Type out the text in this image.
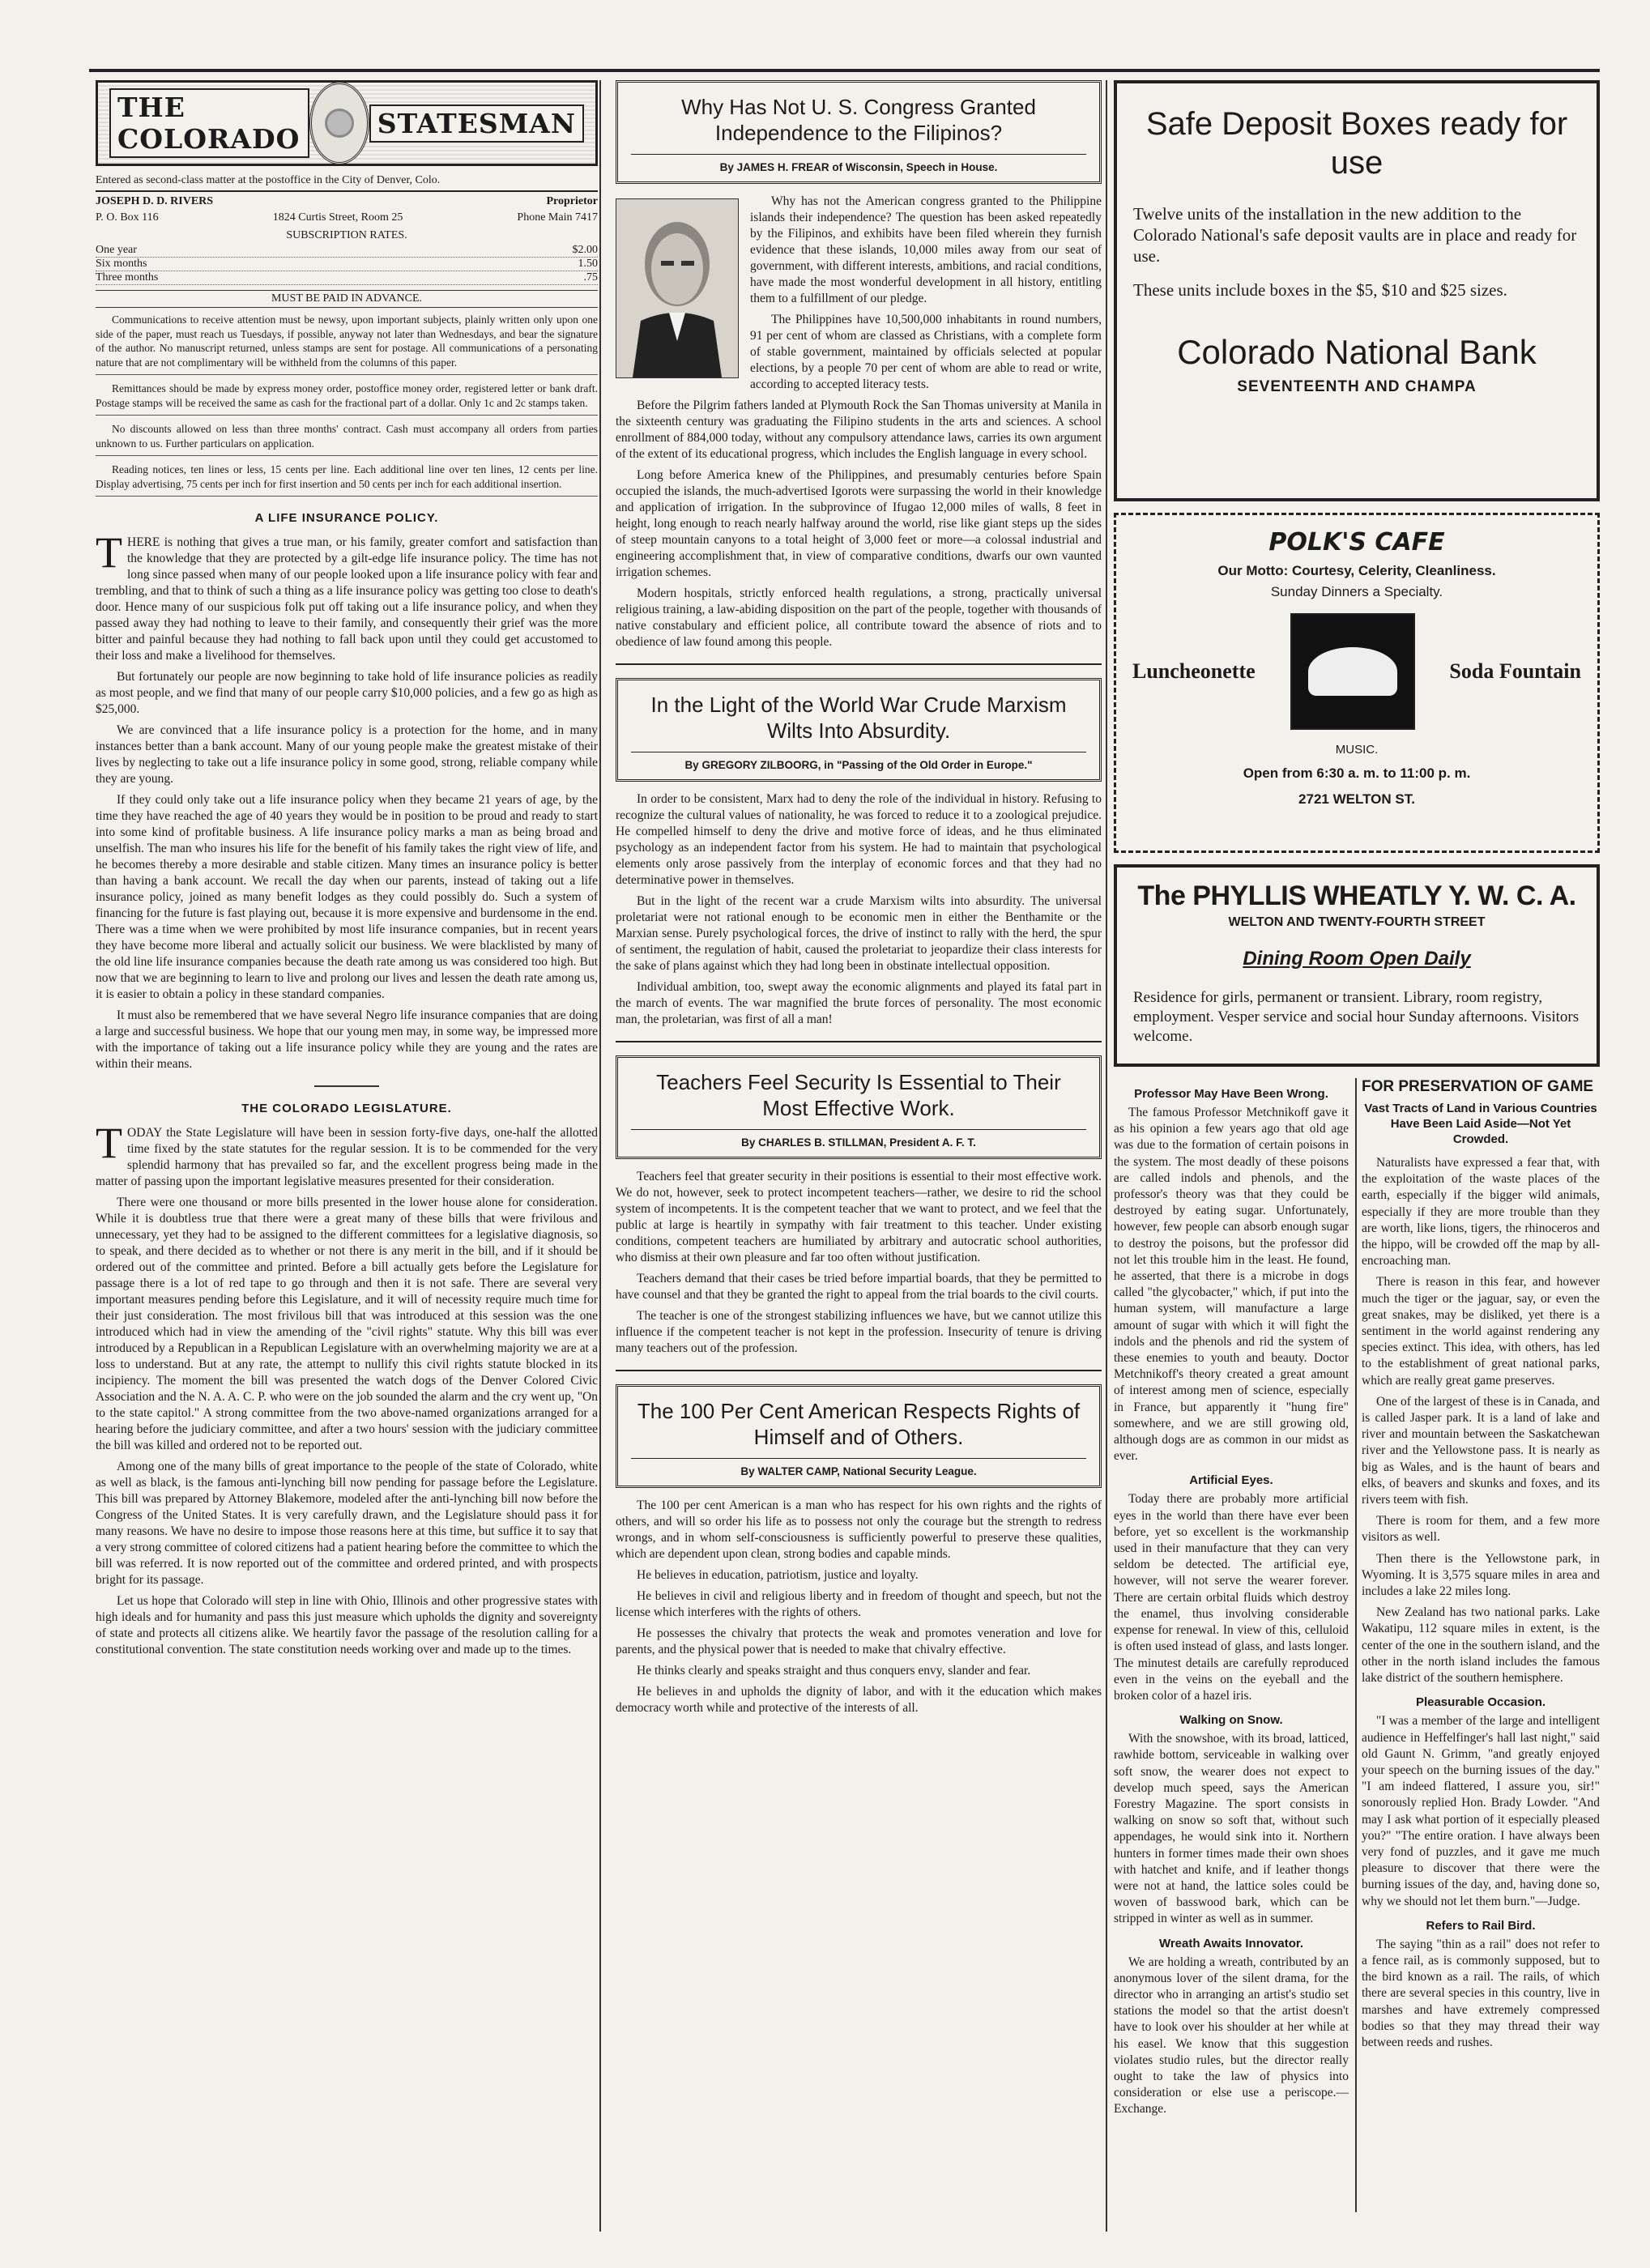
THE COLORADO	STATESMAN
Entered as second-class matter at the postoffice in the City of Denver, Colo.
JOSEPH D. D. RIVERS	Proprietor
P. O. Box 116	1824 Curtis Street, Room 25	Phone Main 7417
SUBSCRIPTION RATES.
One year	$2.00
Six months	1.50
Three months	.75
MUST BE PAID IN ADVANCE.

Communications to receive attention must be newsy, upon important subjects, plainly written only upon one side of the paper, must reach us Tuesdays, if possible, anyway not later than Wednesdays, and bear the signature of the author. No manuscript returned, unless stamps are sent for postage. All communications of a personating nature that are not complimentary will be withheld from the columns of this paper.

Remittances should be made by express money order, postoffice money order, registered letter or bank draft. Postage stamps will be received the same as cash for the fractional part of a dollar. Only 1c and 2c stamps taken.

No discounts allowed on less than three months' contract. Cash must accompany all orders from parties unknown to us. Further particulars on application.

Reading notices, ten lines or less, 15 cents per line. Each additional line over ten lines, 12 cents per line. Display advertising, 75 cents per inch for first insertion and 50 cents per inch for each additional insertion.

A LIFE INSURANCE POLICY.

THERE is nothing that gives a true man, or his family, greater comfort and satisfaction than the knowledge that they are protected by a gilt-edge life insurance policy. The time has not long since passed when many of our people looked upon a life insurance policy with fear and trembling, and that to think of such a thing as a life insurance policy was getting too close to death's door. Hence many of our suspicious folk put off taking out a life insurance policy, and when they passed away they had nothing to leave to their family, and consequently their grief was the more bitter and painful because they had nothing to fall back upon until they could get accustomed to their loss and make a livelihood for themselves.

But fortunately our people are now beginning to take hold of life insurance policies as readily as most people, and we find that many of our people carry $10,000 policies, and a few go as high as $25,000.

We are convinced that a life insurance policy is a protection for the home, and in many instances better than a bank account. Many of our young people make the greatest mistake of their lives by neglecting to take out a life insurance policy in some good, strong, reliable company while they are young.

If they could only take out a life insurance policy when they became 21 years of age, by the time they have reached the age of 40 years they would be in position to be proud and ready to start into some kind of profitable business. A life insurance policy marks a man as being broad and unselfish. The man who insures his life for the benefit of his family takes the right view of life, and he becomes thereby a more desirable and stable citizen. Many times an insurance policy is better than having a bank account. We recall the day when our parents, instead of taking out a life insurance policy, joined as many benefit lodges as they could possibly do. Such a system of financing for the future is fast playing out, because it is more expensive and burdensome in the end. There was a time when we were prohibited by most life insurance companies, but in recent years they have become more liberal and actually solicit our business. We were blacklisted by many of the old line life insurance companies because the death rate among us was considered too high. But now that we are beginning to learn to live and prolong our lives and lessen the death rate among us, it is easier to obtain a policy in these standard companies.

It must also be remembered that we have several Negro life insurance companies that are doing a large and successful business. We hope that our young men may, in some way, be impressed more with the importance of taking out a life insurance policy while they are young and the rates are within their means.

THE COLORADO LEGISLATURE.

TODAY the State Legislature will have been in session forty-five days, one-half the allotted time fixed by the state statutes for the regular session. It is to be commended for the very splendid harmony that has prevailed so far, and the excellent progress being made in the matter of passing upon the important legislative measures presented for their consideration.

There were one thousand or more bills presented in the lower house alone for consideration. While it is doubtless true that there were a great many of these bills that were frivilous and unnecessary, yet they had to be assigned to the different committees for a legislative diagnosis, so to speak, and there decided as to whether or not there is any merit in the bill, and if it should be ordered out of the committee and printed. Before a bill actually gets before the Legislature for passage there is a lot of red tape to go through and then it is not safe. There are several very important measures pending before this Legislature, and it will of necessity require much time for their just consideration. The most frivilous bill that was introduced at this session was the one introduced which had in view the amending of the "civil rights" statute. Why this bill was ever introduced by a Republican in a Republican Legislature with an overwhelming majority we are at a loss to understand. But at any rate, the attempt to nullify this civil rights statute blocked in its incipiency. The moment the bill was presented the watch dogs of the Denver Colored Civic Association and the N. A. A. C. P. who were on the job sounded the alarm and the cry went up, "On to the state capitol." A strong committee from the two above-named organizations arranged for a hearing before the judiciary committee, and after a two hours' session with the judiciary committee the bill was killed and ordered not to be reported out.

Among one of the many bills of great importance to the people of the state of Colorado, white as well as black, is the famous anti-lynching bill now pending for passage before the Legislature. This bill was prepared by Attorney Blakemore, modeled after the anti-lynching bill now before the Congress of the United States. It is very carefully drawn, and the Legislature should pass it for many reasons. We have no desire to impose those reasons here at this time, but suffice it to say that a very strong committee of colored citizens had a patient hearing before the committee to which the bill was referred. It is now reported out of the committee and ordered printed, and with prospects bright for its passage.

Let us hope that Colorado will step in line with Ohio, Illinois and other progressive states with high ideals and for humanity and pass this just measure which upholds the dignity and sovereignty of state and protects all citizens alike. We heartily favor the passage of the resolution calling for a constitutional convention. The state constitution needs working over and made up to the times.

Why Has Not U. S. Congress Granted Independence to the Filipinos?
By JAMES H. FREAR of Wisconsin, Speech in House.

Why has not the American congress granted to the Philippine islands their independence? The question has been asked repeatedly by the Filipinos, and exhibits have been filed wherein they furnish evidence that these islands, 10,000 miles away from our seat of government, with different interests, ambitions, and racial conditions, have made the most wonderful development in all history, entitling them to a fulfillment of our pledge.

The Philippines have 10,500,000 inhabitants in round numbers, 91 per cent of whom are classed as Christians, with a complete form of stable government, maintained by officials selected at popular elections, by a people 70 per cent of whom are able to read or write, according to accepted literacy tests.

Before the Pilgrim fathers landed at Plymouth Rock the San Thomas university at Manila in the sixteenth century was graduating the Filipino students in the arts and sciences. A school enrollment of 884,000 today, without any compulsory attendance laws, carries its own argument of the extent of its educational progress, which includes the English language in every school.

Long before America knew of the Philippines, and presumably centuries before Spain occupied the islands, the much-advertised Igorots were surpassing the world in their knowledge and application of irrigation. In the subprovince of Ifugao 12,000 miles of walls, 8 feet in height, long enough to reach nearly halfway around the world, rise like giant steps up the sides of steep mountain canyons to a total height of 3,000 feet or more—a colossal industrial and engineering accomplishment that, in view of comparative conditions, dwarfs our own vaunted irrigation schemes.

Modern hospitals, strictly enforced health regulations, a strong, practically universal religious training, a law-abiding disposition on the part of the people, together with thousands of native constabulary and efficient police, all contribute toward the absence of riots and to obedience of law found among this people.

In the Light of the World War Crude Marxism Wilts Into Absurdity.
By GREGORY ZILBOORG, in "Passing of the Old Order in Europe."

In order to be consistent, Marx had to deny the role of the individual in history. Refusing to recognize the cultural values of nationality, he was forced to reduce it to a zoological prejudice. He compelled himself to deny the drive and motive force of ideas, and he thus eliminated psychology as an independent factor from his system. He had to maintain that psychological elements only arose passively from the interplay of economic forces and that they had no determinative power in themselves.

But in the light of the recent war a crude Marxism wilts into absurdity. The universal proletariat were not rational enough to be economic men in either the Benthamite or the Marxian sense. Purely psychological forces, the drive of instinct to rally with the herd, the spur of sentiment, the regulation of habit, caused the proletariat to jeopardize their class interests for the sake of plans against which they had long been in obstinate intellectual opposition.

Individual ambition, too, swept away the economic alignments and played its fatal part in the march of events. The war magnified the brute forces of personality. The most economic man, the proletarian, was first of all a man!

Teachers Feel Security Is Essential to Their Most Effective Work.
By CHARLES B. STILLMAN, President A. F. T.

Teachers feel that greater security in their positions is essential to their most effective work. We do not, however, seek to protect incompetent teachers—rather, we desire to rid the school system of incompetents. It is the competent teacher that we want to protect, and we feel that the public at large is heartily in sympathy with fair treatment to this teacher. Under existing conditions, competent teachers are humiliated by arbitrary and autocratic school authorities, who dismiss at their own pleasure and far too often without justification.

Teachers demand that their cases be tried before impartial boards, that they be permitted to have counsel and that they be granted the right to appeal from the trial boards to the civil courts.

The teacher is one of the strongest stabilizing influences we have, but we cannot utilize this influence if the competent teacher is not kept in the profession. Insecurity of tenure is driving many teachers out of the profession.

The 100 Per Cent American Respects Rights of Himself and of Others.
By WALTER CAMP, National Security League.

The 100 per cent American is a man who has respect for his own rights and the rights of others, and will so order his life as to possess not only the courage but the strength to redress wrongs, and in whom self-consciousness is sufficiently powerful to preserve these qualities, which are dependent upon clean, strong bodies and capable minds.

He believes in education, patriotism, justice and loyalty.

He believes in civil and religious liberty and in freedom of thought and speech, but not the license which interferes with the rights of others.

He possesses the chivalry that protects the weak and promotes veneration and love for parents, and the physical power that is needed to make that chivalry effective.

He thinks clearly and speaks straight and thus conquers envy, slander and fear.

He believes in and upholds the dignity of labor, and with it the education which makes democracy worth while and protective of the interests of all.

Safe Deposit Boxes ready for use
Twelve units of the installation in the new addition to the Colorado National's safe deposit vaults are in place and ready for use.
These units include boxes in the $5, $10 and $25 sizes.
Colorado National Bank
SEVENTEENTH AND CHAMPA
POLK'S CAFE
Our Motto: Courtesy, Celerity, Cleanliness.
Sunday Dinners a Specialty.
Luncheonette	Soda Fountain
MUSIC.
Open from 6:30 a. m. to 11:00 p. m.
2721 WELTON ST.
The PHYLLIS WHEATLY Y. W. C. A.
WELTON AND TWENTY-FOURTH STREET
Dining Room Open Daily
Residence for girls, permanent or transient. Library, room registry, employment. Vesper service and social hour Sunday afternoons. Visitors welcome.
Professor May Have Been Wrong.

The famous Professor Metchnikoff gave it as his opinion a few years ago that old age was due to the formation of certain poisons in the system. The most deadly of these poisons are called indols and phenols, and the professor's theory was that they could be destroyed by eating sugar. Unfortunately, however, few people can absorb enough sugar to destroy the poisons, but the professor did not let this trouble him in the least. He found, he asserted, that there is a microbe in dogs called "the glycobacter," which, if put into the human system, will manufacture a large amount of sugar with which it will fight the indols and the phenols and rid the system of these enemies to youth and beauty. Doctor Metchnikoff's theory created a great amount of interest among men of science, especially in France, but apparently it "hung fire" somewhere, and we are still growing old, although dogs are as common in our midst as ever.

Artificial Eyes.

Today there are probably more artificial eyes in the world than there have ever been before, yet so excellent is the workmanship used in their manufacture that they can very seldom be detected. The artificial eye, however, will not serve the wearer forever. There are certain orbital fluids which destroy the enamel, thus involving considerable expense for renewal. In view of this, celluloid is often used instead of glass, and lasts longer. The minutest details are carefully reproduced even in the veins on the eyeball and the broken color of a hazel iris.

Walking on Snow.

With the snowshoe, with its broad, latticed, rawhide bottom, serviceable in walking over soft snow, the wearer does not expect to develop much speed, says the American Forestry Magazine. The sport consists in walking on snow so soft that, without such appendages, he would sink into it. Northern hunters in former times made their own shoes with hatchet and knife, and if leather thongs were not at hand, the lattice soles could be woven of basswood bark, which can be stripped in winter as well as in summer.

Wreath Awaits Innovator.

We are holding a wreath, contributed by an anonymous lover of the silent drama, for the director who in arranging an artist's studio set stations the model so that the artist doesn't have to look over his shoulder at her while at his easel. We know that this suggestion violates studio rules, but the director really ought to take the law of physics into consideration or else use a periscope.—Exchange.

FOR PRESERVATION OF GAME
Vast Tracts of Land in Various Countries Have Been Laid Aside—Not Yet Crowded.

Naturalists have expressed a fear that, with the exploitation of the waste places of the earth, especially if the bigger wild animals, especially if they are more trouble than they are worth, like lions, tigers, the rhinoceros and the hippo, will be crowded off the map by all-encroaching man.

There is reason in this fear, and however much the tiger or the jaguar, say, or even the great snakes, may be disliked, yet there is a sentiment in the world against rendering any species extinct. This idea, with others, has led to the establishment of great national parks, which are really great game preserves.

One of the largest of these is in Canada, and is called Jasper park. It is a land of lake and river and mountain between the Saskatchewan river and the Yellowstone pass. It is nearly as big as Wales, and is the haunt of bears and elks, of beavers and skunks and foxes, and its rivers teem with fish.

There is room for them, and a few more visitors as well.

Then there is the Yellowstone park, in Wyoming. It is 3,575 square miles in area and includes a lake 22 miles long.

New Zealand has two national parks. Lake Wakatipu, 112 square miles in extent, is the center of the one in the southern island, and the other in the north island includes the famous lake district of the southern hemisphere.

Pleasurable Occasion.

"I was a member of the large and intelligent audience in Heffelfinger's hall last night," said old Gaunt N. Grimm, "and greatly enjoyed your speech on the burning issues of the day." "I am indeed flattered, I assure you, sir!" sonorously replied Hon. Brady Lowder. "And may I ask what portion of it especially pleased you?" "The entire oration. I have always been very fond of puzzles, and it gave me much pleasure to discover that there were the burning issues of the day, and, having done so, why we should not let them burn."—Judge.

Refers to Rail Bird.

The saying "thin as a rail" does not refer to a fence rail, as is commonly supposed, but to the bird known as a rail. The rails, of which there are several species in this country, live in marshes and have extremely compressed bodies so that they may thread their way between reeds and rushes.
